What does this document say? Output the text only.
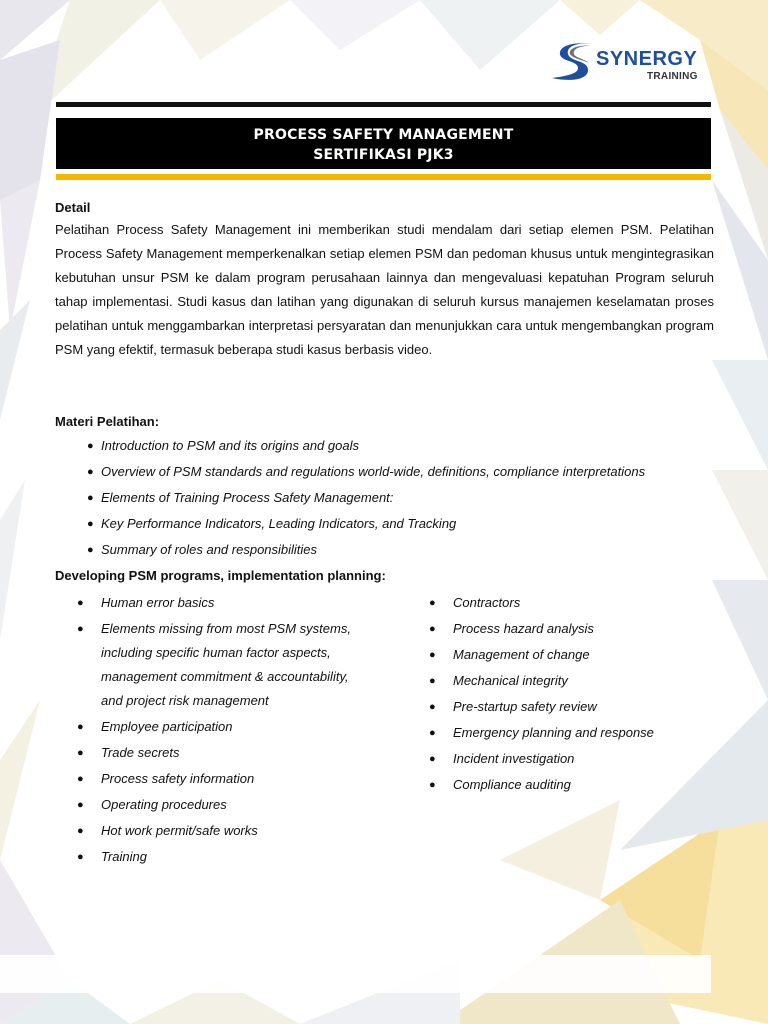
SYNERGY
TRAINING
PROCESS SAFETY MANAGEMENT
SERTIFIKASI PJK3
Detail
Pelatihan Process Safety Management ini memberikan studi mendalam dari setiap elemen PSM. Pelatihan Process Safety Management memperkenalkan setiap elemen PSM dan pedoman khusus untuk mengintegrasikan kebutuhan unsur PSM ke dalam program perusahaan lainnya dan mengevaluasi kepatuhan Program seluruh tahap implementasi. Studi kasus dan latihan yang digunakan di seluruh kursus manajemen keselamatan proses pelatihan untuk menggambarkan interpretasi persyaratan dan menunjukkan cara untuk mengembangkan program PSM yang efektif, termasuk beberapa studi kasus berbasis video.
Materi Pelatihan:
● Introduction to PSM and its origins and goals
● Overview of PSM standards and regulations world-wide, definitions, compliance interpretations
● Elements of Training Process Safety Management:
● Key Performance Indicators, Leading Indicators, and Tracking
● Summary of roles and responsibilities
Developing PSM programs, implementation planning:
● Human error basics
● Elements missing from most PSM systems, including specific human factor aspects, management commitment & accountability, and project risk management
● Employee participation
● Trade secrets
● Process safety information
● Operating procedures
● Hot work permit/safe works
● Training
● Contractors
● Process hazard analysis
● Management of change
● Mechanical integrity
● Pre-startup safety review
● Emergency planning and response
● Incident investigation
● Compliance auditing
